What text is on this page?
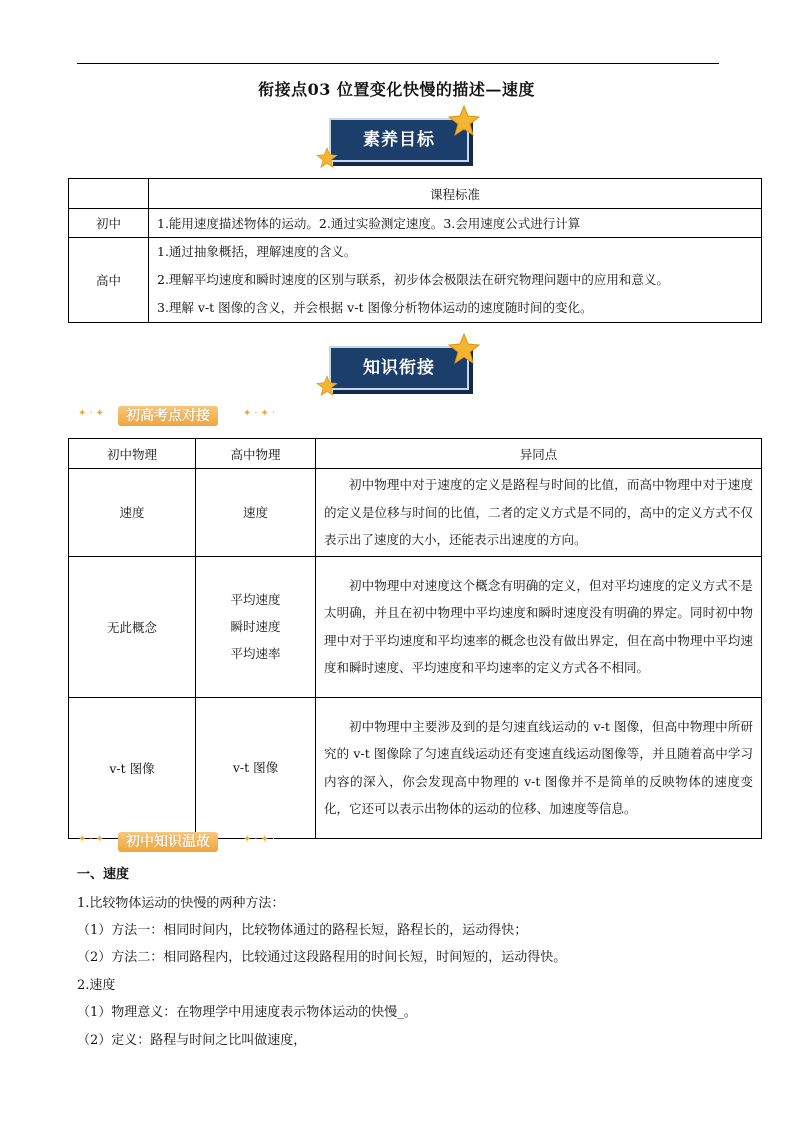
衔接点03 位置变化快慢的描述—速度
素养目标
	课程标准
初中	1.能用速度描述物体的运动。2.通过实验测定速度。3.会用速度公式进行计算
高中	1.通过抽象概括，理解速度的含义。
2.理解平均速度和瞬时速度的区别与联系，初步体会极限法在研究物理问题中的应用和意义。
3.理解 v-t 图像的含义，并会根据 v-t 图像分析物体运动的速度随时间的变化。
知识衔接
✦·✦	初高考点对接	✦·✦·
初中物理	高中物理	异同点
速度	速度	初中物理中对于速度的定义是路程与时间的比值，而高中物理中对于速度的定义是位移与时间的比值，二者的定义方式是不同的，高中的定义方式不仅表示出了速度的大小，还能表示出速度的方向。

无此概念	平均速度
瞬时速度
平均速率	初中物理中对速度这个概念有明确的定义，但对平均速度的定义方式不是太明确，并且在初中物理中平均速度和瞬时速度没有明确的界定。同时初中物理中对于平均速度和平均速率的概念也没有做出界定，但在高中物理中平均速度和瞬时速度、平均速度和平均速率的定义方式各不相同。

v-t 图像	v-t 图像	初中物理中主要涉及到的是匀速直线运动的 v-t 图像，但高中物理中所研究的 v-t 图像除了匀速直线运动还有变速直线运动图像等，并且随着高中学习内容的深入，你会发现高中物理的 v-t 图像并不是简单的反映物体的速度变化，它还可以表示出物体的运动的位移、加速度等信息。
✦·✦	初中知识温故	✦·✦·
一、速度
1.比较物体运动的快慢的两种方法：
（1）方法一：相同时间内，比较物体通过的路程长短，路程长的，运动得快；
（2）方法二：相同路程内，比较通过这段路程用的时间长短，时间短的，运动得快。
2.速度
（1）物理意义：在物理学中用速度表示物体运动的快慢_。
（2）定义：路程与时间之比叫做速度，
